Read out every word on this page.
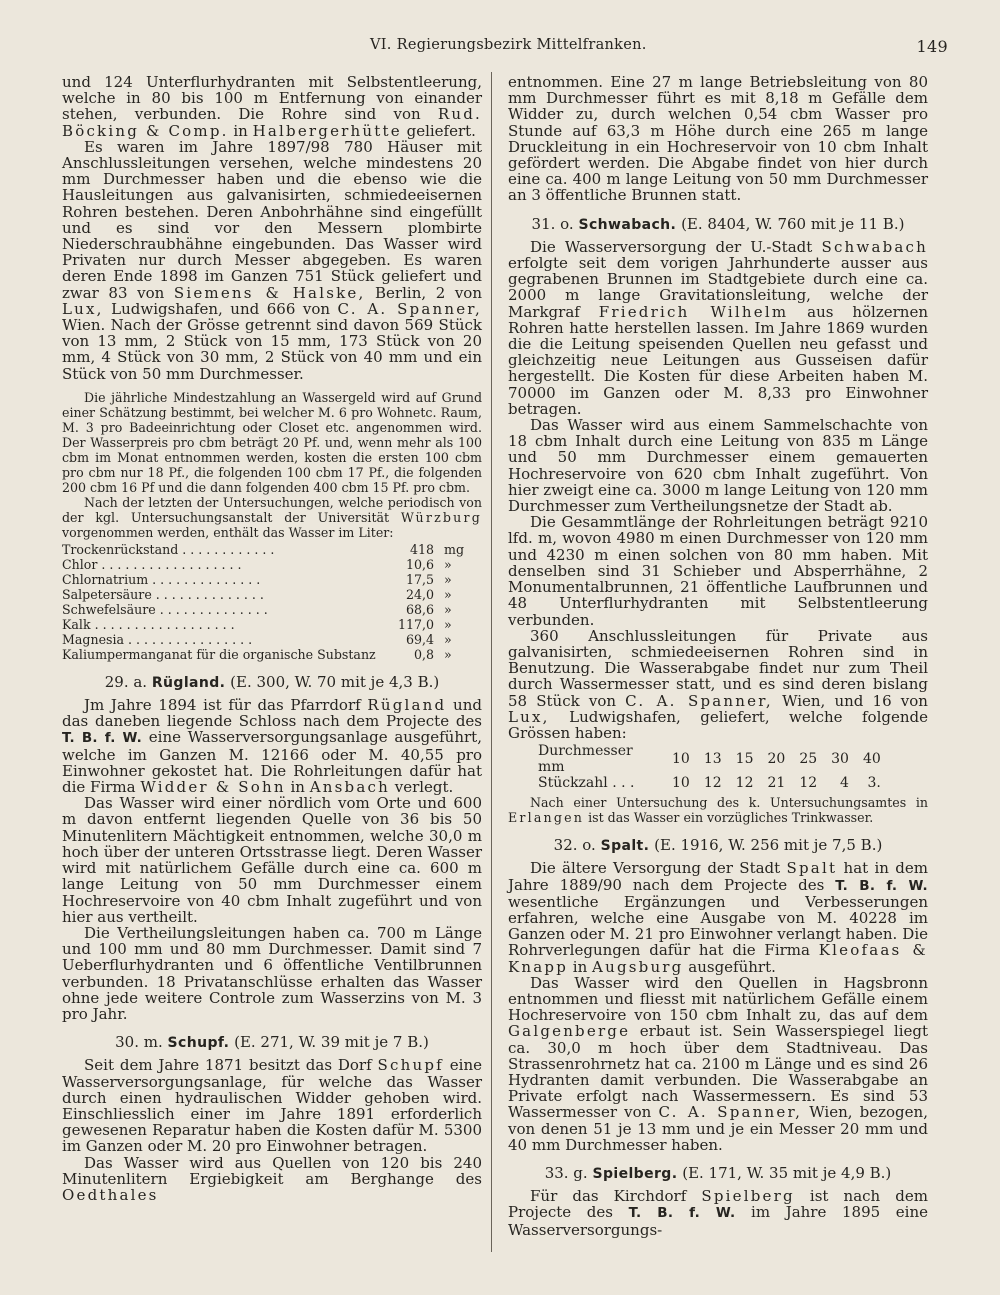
VI. Regierungsbezirk Mittelfranken.	149

und 124 Unterflurhydranten mit Selbstentleerung, welche in 80 bis 100 m Entfernung von einander stehen, verbunden. Die Rohre sind von Rud. Böcking & Comp. in Halbergerhütte geliefert.

Es waren im Jahre 1897/98 780 Häuser mit Anschlussleitungen versehen, welche mindestens 20 mm Durchmesser haben und die ebenso wie die Hausleitungen aus galvanisirten, schmiedeeisernen Rohren bestehen. Deren Anbohrhähne sind eingefüllt und es sind vor den Messern plombirte Niederschraubhähne eingebunden. Das Wasser wird Privaten nur durch Messer abgegeben. Es waren deren Ende 1898 im Ganzen 751 Stück geliefert und zwar 83 von Siemens & Halske, Berlin, 2 von Lux, Ludwigshafen, und 666 von C. A. Spanner, Wien. Nach der Grösse getrennt sind davon 569 Stück von 13 mm, 2 Stück von 15 mm, 173 Stück von 20 mm, 4 Stück von 30 mm, 2 Stück von 40 mm und ein Stück von 50 mm Durchmesser.

Die jährliche Mindestzahlung an Wassergeld wird auf Grund einer Schätzung bestimmt, bei welcher M. 6 pro Wohnetc. Raum, M. 3 pro Badeeinrichtung oder Closet etc. angenommen wird. Der Wasserpreis pro cbm beträgt 20 Pf. und, wenn mehr als 100 cbm im Monat entnommen werden, kosten die ersten 100 cbm pro cbm nur 18 Pf., die folgenden 100 cbm 17 Pf., die folgenden 200 cbm 16 Pf und die dann folgenden 400 cbm 15 Pf. pro cbm.

Nach der letzten der Untersuchungen, welche periodisch von der kgl. Untersuchungsanstalt der Universität Würzburg vorgenommen werden, enthält das Wasser im Liter:

Trockenrückstand . . . . . . . . . . . .	418	mg
Chlor . . . . . . . . . . . . . . . . . .	10,6	»
Chlornatrium . . . . . . . . . . . . . .	17,5	»
Salpetersäure . . . . . . . . . . . . . .	24,0	»
Schwefelsäure . . . . . . . . . . . . . .	68,6	»
Kalk . . . . . . . . . . . . . . . . . .	117,0	»
Magnesia . . . . . . . . . . . . . . . .	69,4	»
Kaliumpermanganat für die organische Substanz	0,8	»
29. a. Rügland. (E. 300, W. 70 mit je 4,3 B.)

Jm Jahre 1894 ist für das Pfarrdorf Rügland und das daneben liegende Schloss nach dem Projecte des T. B. f. W. eine Wasserversorgungsanlage ausgeführt, welche im Ganzen M. 12166 oder M. 40,55 pro Einwohner gekostet hat. Die Rohrleitungen dafür hat die Firma Widder & Sohn in Ansbach verlegt.

Das Wasser wird einer nördlich vom Orte und 600 m davon entfernt liegenden Quelle von 36 bis 50 Minutenlitern Mächtigkeit entnommen, welche 30,0 m hoch über der unteren Ortsstrasse liegt. Deren Wasser wird mit natürlichem Gefälle durch eine ca. 600 m lange Leitung von 50 mm Durchmesser einem Hochreservoire von 40 cbm Inhalt zugeführt und von hier aus vertheilt.

Die Vertheilungsleitungen haben ca. 700 m Länge und 100 mm und 80 mm Durchmesser. Damit sind 7 Ueberflurhydranten und 6 öffentliche Ventilbrunnen verbunden. 18 Privatanschlüsse erhalten das Wasser ohne jede weitere Controle zum Wasserzins von M. 3 pro Jahr.

30. m. Schupf. (E. 271, W. 39 mit je 7 B.)

Seit dem Jahre 1871 besitzt das Dorf Schupf eine Wasserversorgungsanlage, für welche das Wasser durch einen hydraulischen Widder gehoben wird. Einschliesslich einer im Jahre 1891 erforderlich gewesenen Reparatur haben die Kosten dafür M. 5300 im Ganzen oder M. 20 pro Einwohner betragen.

Das Wasser wird aus Quellen von 120 bis 240 Minutenlitern Ergiebigkeit am Berghange des Oedthales

entnommen. Eine 27 m lange Betriebsleitung von 80 mm Durchmesser führt es mit 8,18 m Gefälle dem Widder zu, durch welchen 0,54 cbm Wasser pro Stunde auf 63,3 m Höhe durch eine 265 m lange Druckleitung in ein Hochreservoir von 10 cbm Inhalt gefördert werden. Die Abgabe findet von hier durch eine ca. 400 m lange Leitung von 50 mm Durchmesser an 3 öffentliche Brunnen statt.

31. o. Schwabach. (E. 8404, W. 760 mit je 11 B.)

Die Wasserversorgung der U.-Stadt Schwabach erfolgte seit dem vorigen Jahrhunderte ausser aus gegrabenen Brunnen im Stadtgebiete durch eine ca. 2000 m lange Gravitationsleitung, welche der Markgraf Friedrich Wilhelm aus hölzernen Rohren hatte herstellen lassen. Im Jahre 1869 wurden die die Leitung speisenden Quellen neu gefasst und gleichzeitig neue Leitungen aus Gusseisen dafür hergestellt. Die Kosten für diese Arbeiten haben M. 70000 im Ganzen oder M. 8,33 pro Einwohner betragen.

Das Wasser wird aus einem Sammelschachte von 18 cbm Inhalt durch eine Leitung von 835 m Länge und 50 mm Durchmesser einem gemauerten Hochreservoire von 620 cbm Inhalt zugeführt. Von hier zweigt eine ca. 3000 m lange Leitung von 120 mm Durchmesser zum Vertheilungsnetze der Stadt ab.

Die Gesammtlänge der Rohrleitungen beträgt 9210 lfd. m, wovon 4980 m einen Durchmesser von 120 mm und 4230 m einen solchen von 80 mm haben. Mit denselben sind 31 Schieber und Absperrhähne, 2 Monumentalbrunnen, 21 öffentliche Laufbrunnen und 48 Unterflurhydranten mit Selbstentleerung verbunden.

360 Anschlussleitungen für Private aus galvanisirten, schmiedeeisernen Rohren sind in Benutzung. Die Wasserabgabe findet nur zum Theil durch Wassermesser statt, und es sind deren bislang 58 Stück von C. A. Spanner, Wien, und 16 von Lux, Ludwigshafen, geliefert, welche folgende Grössen haben:

Durchmesser mm	10	13	15	20	25	30	40
Stückzahl . . .	10	12	12	21	12	4	3.

Nach einer Untersuchung des k. Untersuchungsamtes in Erlangen ist das Wasser ein vorzügliches Trinkwasser.

32. o. Spalt. (E. 1916, W. 256 mit je 7,5 B.)

Die ältere Versorgung der Stadt Spalt hat in dem Jahre 1889/90 nach dem Projecte des T. B. f. W. wesentliche Ergänzungen und Verbesserungen erfahren, welche eine Ausgabe von M. 40228 im Ganzen oder M. 21 pro Einwohner verlangt haben. Die Rohrverlegungen dafür hat die Firma Kleofaas & Knapp in Augsburg ausgeführt.

Das Wasser wird den Quellen in Hagsbronn entnommen und fliesst mit natürlichem Gefälle einem Hochreservoire von 150 cbm Inhalt zu, das auf dem Galgenberge erbaut ist. Sein Wasserspiegel liegt ca. 30,0 m hoch über dem Stadtniveau. Das Strassenrohrnetz hat ca. 2100 m Länge und es sind 26 Hydranten damit verbunden. Die Wasserabgabe an Private erfolgt nach Wassermessern. Es sind 53 Wassermesser von C. A. Spanner, Wien, bezogen, von denen 51 je 13 mm und je ein Messer 20 mm und 40 mm Durchmesser haben.

33. g. Spielberg. (E. 171, W. 35 mit je 4,9 B.)

Für das Kirchdorf Spielberg ist nach dem Projecte des T. B. f. W. im Jahre 1895 eine Wasserversorgungs-
